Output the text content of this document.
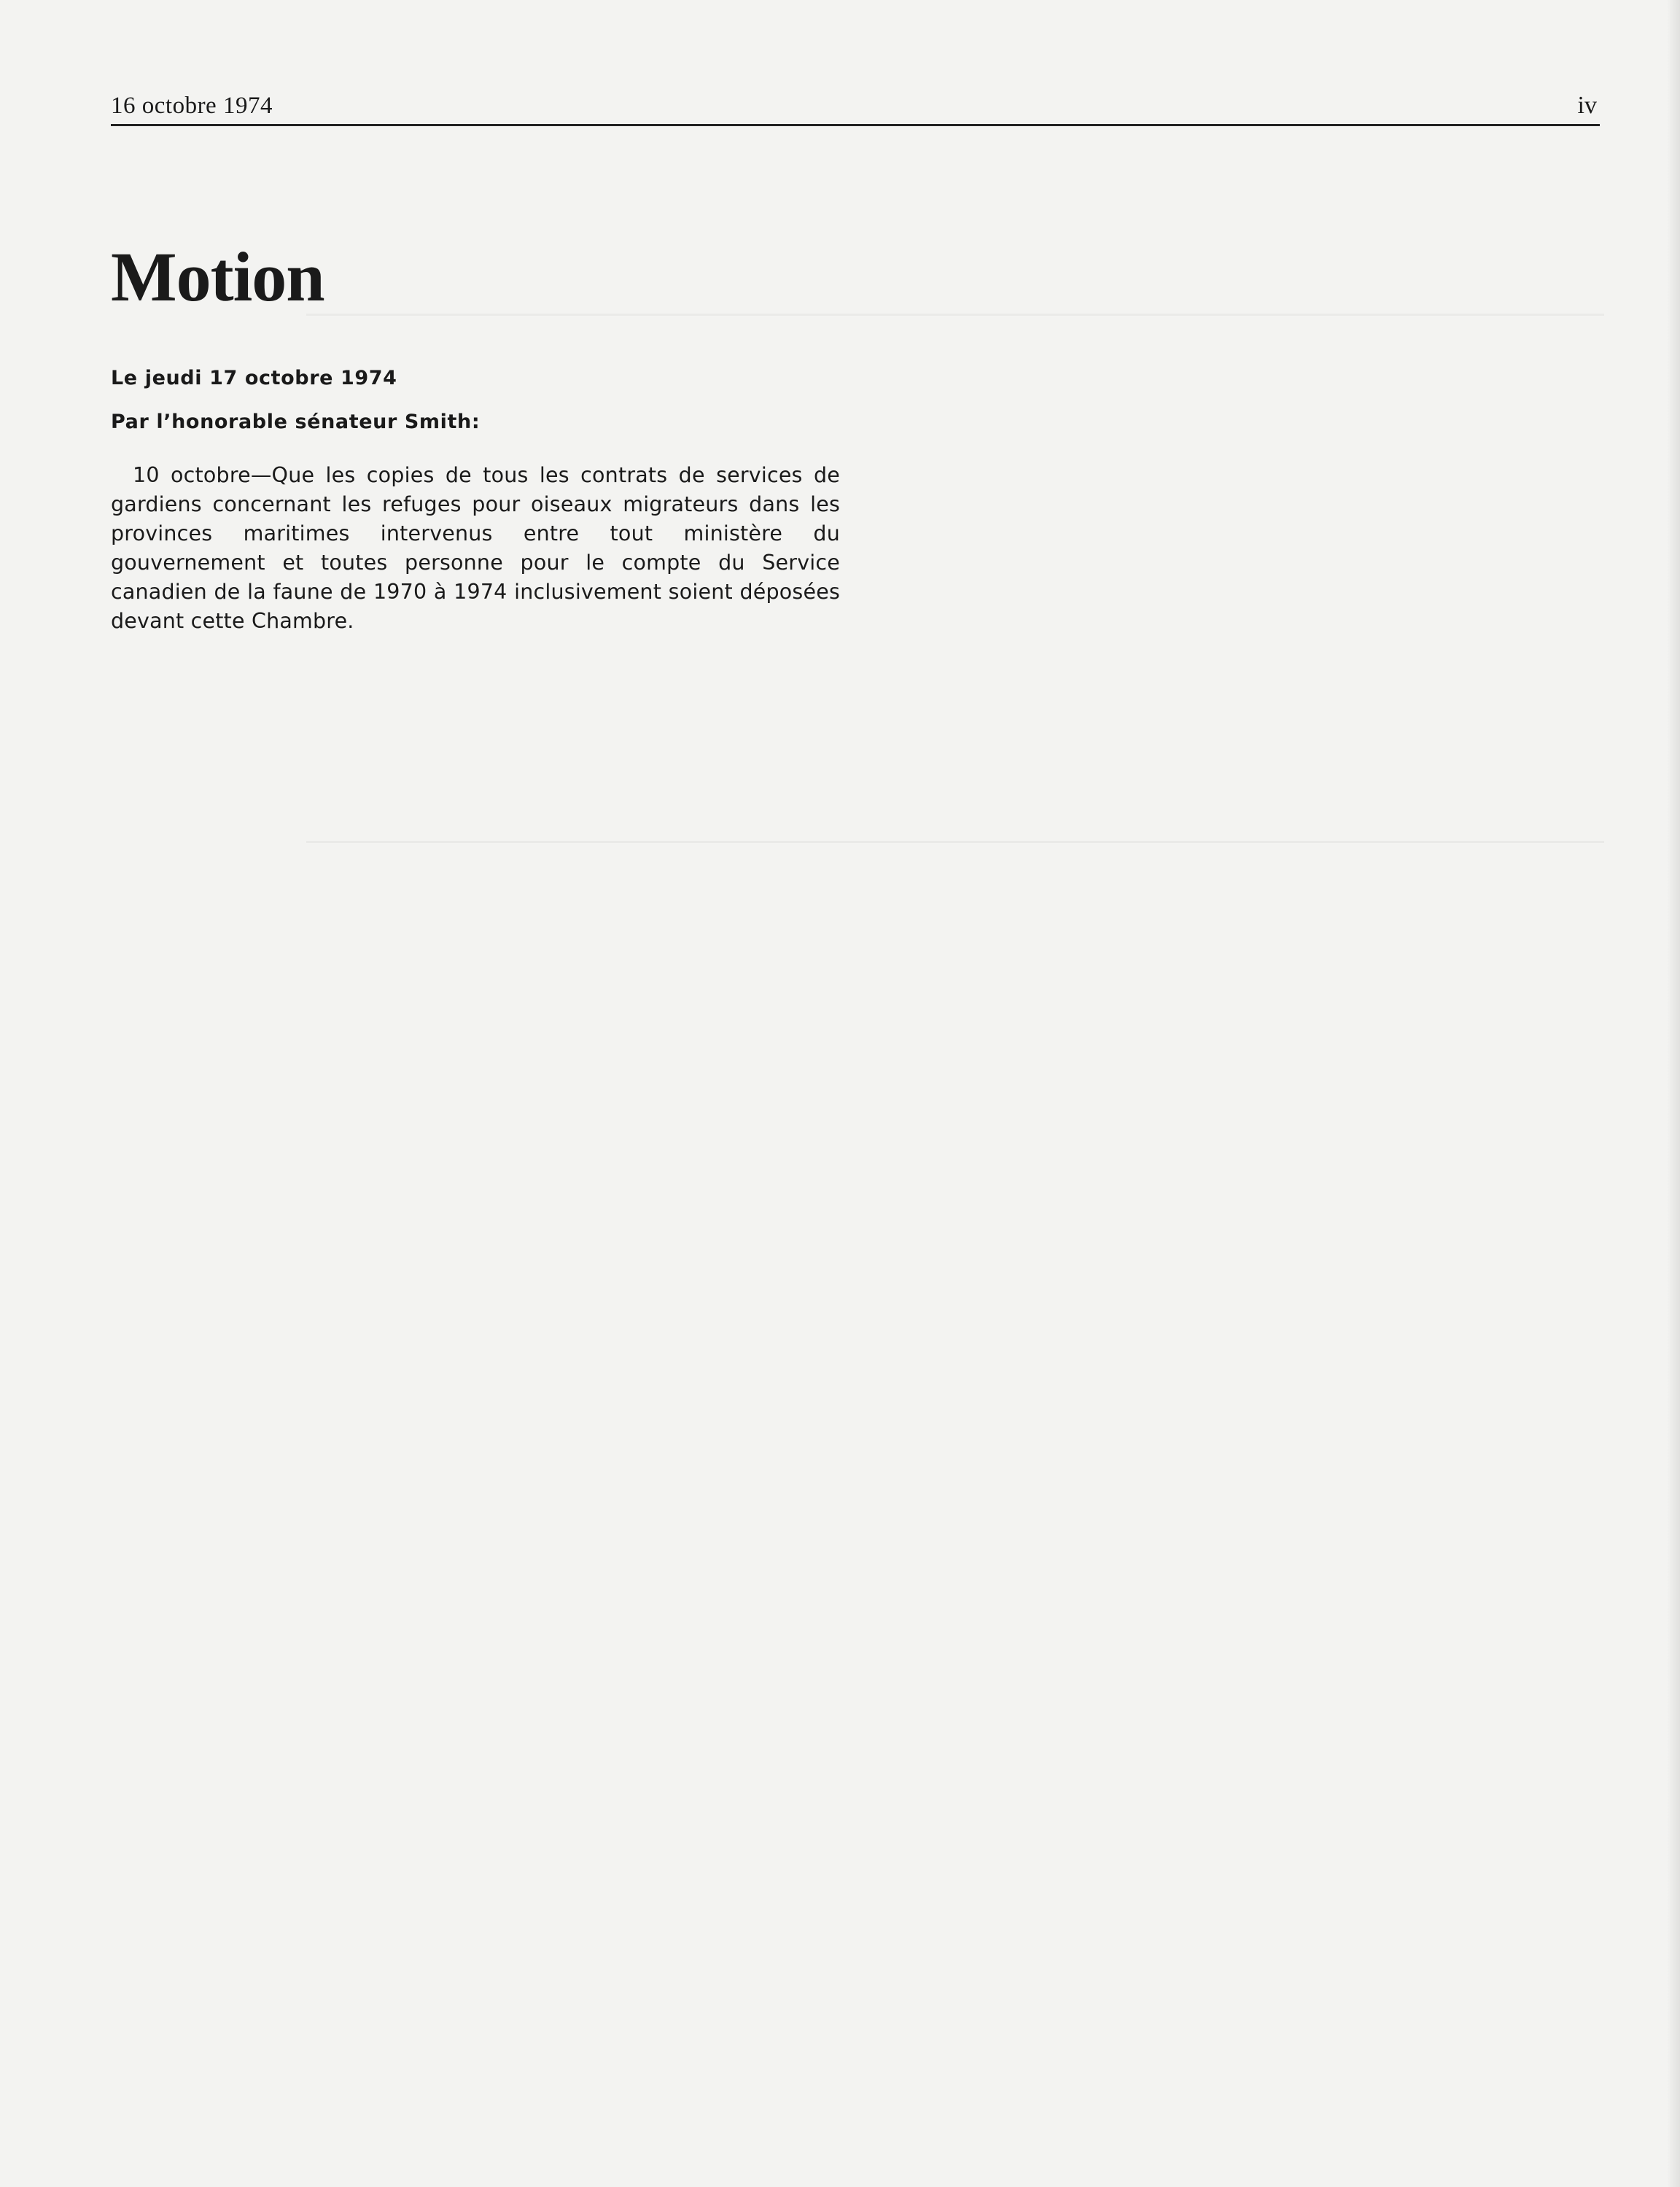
16 octobre 1974	iv
Motion
Le jeudi 17 octobre 1974
Par l’honorable sénateur Smith:

10 octobre—Que les copies de tous les contrats de services de gardiens concernant les refuges pour oiseaux migrateurs dans les provinces maritimes intervenus entre tout ministère du gouvernement et toutes personne pour le compte du Service canadien de la faune de 1970 à 1974 inclusivement soient déposées devant cette Chambre.
